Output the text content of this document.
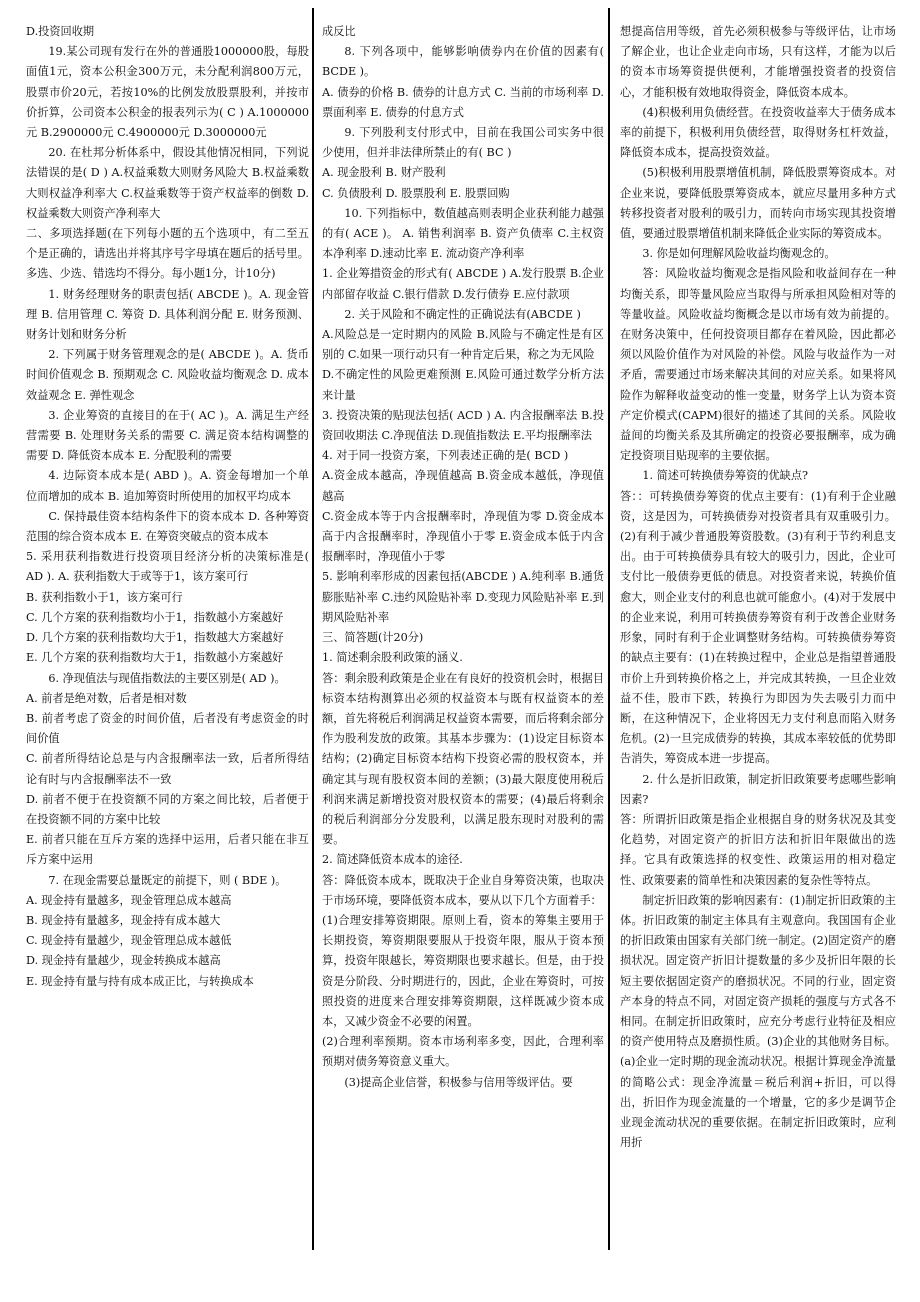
D.投资回收期

19.某公司现有发行在外的普通股1000000股，每股面值1元，资本公积金300万元，未分配利润800万元，股票市价20元，若按10%的比例发放股票股利，并按市价折算，公司资本公积金的报表列示为( C ) A.1000000元 B.2900000元 C.4900000元 D.3000000元

20. 在杜邦分析体系中，假设其他情况相同，下列说法错误的是( D ) A.权益乘数大则财务风险大 B.权益乘数大则权益净利率大 C.权益乘数等于资产权益率的倒数 D.权益乘数大则资产净利率大

二、多项选择题(在下列每小题的五个选项中，有二至五个是正确的，请选出并将其序号字母填在题后的括号里。多选、少选、错选均不得分。每小题1分，计10分)

1. 财务经理财务的职责包括( ABCDE )。A. 现金管理 B. 信用管理 C. 筹资 D. 具体利润分配 E. 财务预测、财务计划和财务分析

2. 下列属于财务管理观念的是( ABCDE )。A. 货币时间价值观念 B. 预期观念 C. 风险收益均衡观念 D. 成本效益观念 E. 弹性观念

3. 企业筹资的直接目的在于( AC )。A. 满足生产经营需要 B. 处理财务关系的需要 C. 满足资本结构调整的需要 D. 降低资本成本 E. 分配股利的需要

4. 边际资本成本是( ABD )。A. 资金每增加一个单位而增加的成本 B. 追加筹资时所使用的加权平均成本

C. 保持最佳资本结构条件下的资本成本 D. 各种筹资范围的综合资本成本 E. 在筹资突破点的资本成本

5. 采用获利指数进行投资项目经济分析的决策标准是( AD ). A. 获利指数大于或等于1，该方案可行

B. 获利指数小于1，该方案可行

C. 几个方案的获利指数均小于1，指数越小方案越好

D. 几个方案的获利指数均大于1，指数越大方案越好

E. 几个方案的获利指数均大于1，指数越小方案越好

6. 净现值法与现值指数法的主要区别是( AD )。

A. 前者是绝对数，后者是相对数

B. 前者考虑了资金的时间价值，后者没有考虑资金的时间价值

C. 前者所得结论总是与内含报酬率法一致，后者所得结论有时与内含报酬率法不一致

D. 前者不便于在投资额不同的方案之间比较，后者便于在投资额不同的方案中比较

E. 前者只能在互斥方案的选择中运用，后者只能在非互斥方案中运用

7. 在现金需要总量既定的前提下，则 ( BDE )。

A. 现金持有量越多，现金管理总成本越高

B. 现金持有量越多，现金持有成本越大

C. 现金持有量越少，现金管理总成本越低

D. 现金持有量越少，现金转换成本越高

E. 现金持有量与持有成本成正比，与转换成本

成反比

8. 下列各项中，能够影响债券内在价值的因素有( BCDE )。

A. 债券的价格 B. 债券的计息方式 C. 当前的市场利率 D. 票面利率 E. 债券的付息方式

9. 下列股利支付形式中，目前在我国公司实务中很少使用，但并非法律所禁止的有( BC )

A. 现金股利 B. 财产股利

C. 负债股利 D. 股票股利 E. 股票回购

10. 下列指标中，数值越高则表明企业获利能力越强的有( ACE )。 A. 销售利润率 B. 资产负债率 C.主权资本净利率 D.速动比率 E. 流动资产净利率

1. 企业筹措资金的形式有( ABCDE ) A.发行股票 B.企业内部留存收益 C.银行借款 D.发行债券 E.应付款项

2. 关于风险和不确定性的正确说法有(ABCDE )

A.风险总是一定时期内的风险 B.风险与不确定性是有区别的 C.如果一项行动只有一种肯定后果，称之为无风险

D.不确定性的风险更难预测 E.风险可通过数学分析方法来计量

3. 投资决策的贴现法包括( ACD ) A. 内含报酬率法 B.投资回收期法 C.净现值法 D.现值指数法 E.平均报酬率法

4. 对于同一投资方案，下列表述正确的是( BCD )

A.资金成本越高，净现值越高 B.资金成本越低，净现值越高

C.资金成本等于内含报酬率时，净现值为零 D.资金成本高于内含报酬率时，净现值小于零 E.资金成本低于内含报酬率时，净现值小于零

5. 影响利率形成的因素包括(ABCDE ) A.纯利率 B.通货膨胀贴补率 C.违约风险贴补率 D.变现力风险贴补率 E.到期风险贴补率

三、简答题(计20分)

1. 简述剩余股利政策的涵义.

答：剩余股利政策是企业在有良好的投资机会时，根据目标资本结构测算出必须的权益资本与既有权益资本的差额，首先将税后利润满足权益资本需要，而后将剩余部分作为股利发放的政策。其基本步骤为：(1)设定目标资本结构；(2)确定目标资本结构下投资必需的股权资本，并确定其与现有股权资本间的差额；(3)最大限度使用税后利润来满足新增投资对股权资本的需要；(4)最后将剩余的税后利润部分分发股利，以满足股东现时对股利的需要。

2. 简述降低资本成本的途径.

答：降低资本成本，既取决于企业自身筹资决策，也取决于市场环境，要降低资本成本，要从以下几个方面着手：

(1)合理安排筹资期限。原则上看，资本的筹集主要用于长期投资，筹资期限要服从于投资年限，服从于资本预算，投资年限越长，筹资期限也要求越长。但是，由于投资是分阶段、分时期进行的，因此，企业在筹资时，可按照投资的进度来合理安排筹资期限，这样既减少资本成本，又减少资金不必要的闲置。

(2)合理利率预期。资本市场利率多变，因此，合理利率预期对债务筹资意义重大。

(3)提高企业信誉，积极参与信用等级评估。要

想提高信用等级，首先必须积极参与等级评估，让市场了解企业，也让企业走向市场，只有这样，才能为以后的资本市场筹资提供便利，才能增强投资者的投资信心，才能积极有效地取得资金，降低资本成本。

(4)积极利用负债经营。在投资收益率大于债务成本率的前提下，积极利用负债经营，取得财务杠杆效益，降低资本成本，提高投资效益。

(5)积极利用股票增值机制，降低股票筹资成本。对企业来说，要降低股票筹资成本，就应尽量用多种方式转移投资者对股利的吸引力，而转向市场实现其投资增值，要通过股票增值机制来降低企业实际的筹资成本。

3. 你是如何理解风险收益均衡观念的。

答：风险收益均衡观念是指风险和收益间存在一种均衡关系，即等量风险应当取得与所承担风险相对等的等量收益。风险收益均衡概念是以市场有效为前提的。在财务决策中，任何投资项目都存在着风险，因此都必须以风险价值作为对风险的补偿。风险与收益作为一对矛盾，需要通过市场来解决其间的对应关系。如果将风险作为解释收益变动的惟一变量，财务学上认为资本资产定价模式(CAPM)很好的描述了其间的关系。风险收益间的均衡关系及其所确定的投资必要报酬率，成为确定投资项目贴现率的主要依据。

1. 简述可转换债券筹资的优缺点?

答：：可转换债券筹资的优点主要有：(1)有利于企业融资，这是因为，可转换债券对投资者具有双重吸引力。(2)有利于减少普通股筹资股数。(3)有利于节约利息支出。由于可转换债券具有较大的吸引力，因此，企业可支付比一般债券更低的债息。对投资者来说，转换价值愈大，则企业支付的利息也就可能愈小。(4)对于发展中的企业来说，利用可转换债券筹资有利于改善企业财务形象，同时有利于企业调整财务结构。可转换债券筹资的缺点主要有：(1)在转换过程中，企业总是指望普通股市价上升到转换价格之上，并完成其转换，一旦企业效益不佳，股市下跌，转换行为即因为失去吸引力而中断，在这种情况下，企业将因无力支付利息而陷入财务危机。(2)一旦完成债券的转换，其成本率较低的优势即告消失，筹资成本进一步提高。

2. 什么是折旧政策，制定折旧政策要考虑哪些影响因素?

答：所谓折旧政策是指企业根据自身的财务状况及其变化趋势，对固定资产的折旧方法和折旧年限做出的选择。它具有政策选择的权变性、政策运用的相对稳定性、政策要素的简单性和决策因素的复杂性等特点。

制定折旧政策的影响因素有：(1)制定折旧政策的主体。折旧政策的制定主体具有主观意向。我国国有企业的折旧政策由国家有关部门统一制定。(2)固定资产的磨损状况。固定资产折旧计提数量的多少及折旧年限的长短主要依据固定资产的磨损状况。不同的行业，固定资产本身的特点不同，对固定资产损耗的强度与方式各不相同。在制定折旧政策时，应充分考虑行业特征及相应的资产使用特点及磨损性质。(3)企业的其他财务目标。(a)企业一定时期的现金流动状况。根据计算现金净流量的简略公式：现金净流量＝税后利润+折旧，可以得出，折旧作为现金流量的一个增量，它的多少是调节企业现金流动状况的重要依据。在制定折旧政策时，应利用折
